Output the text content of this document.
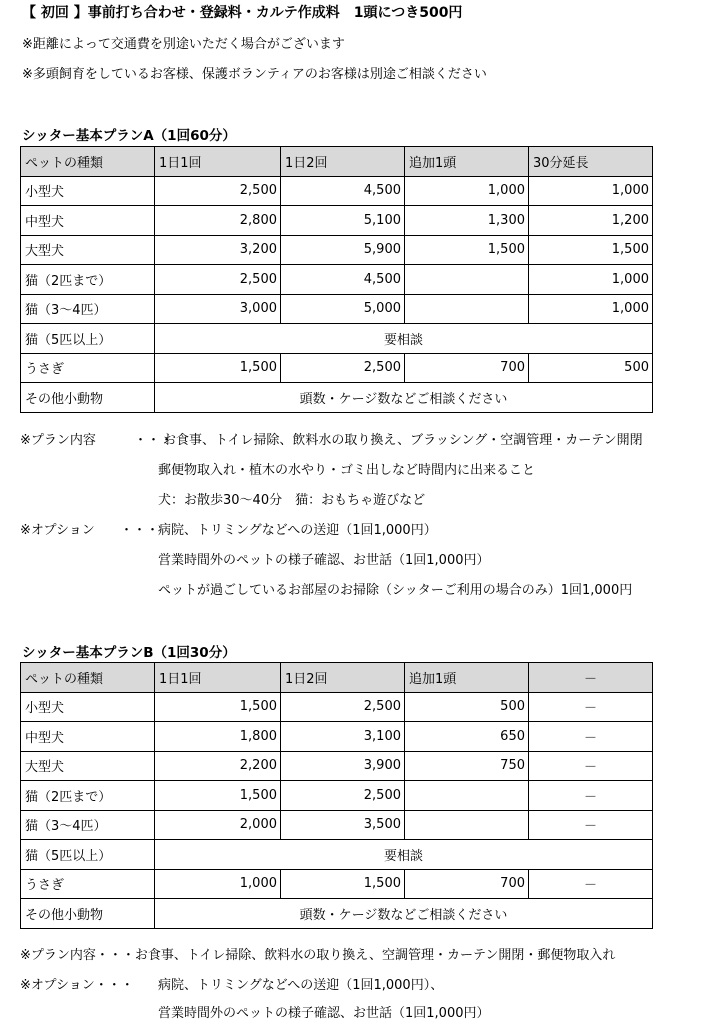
【 初回 】事前打ち合わせ・登録料・カルテ作成料　1頭につき500円
※距離によって交通費を別途いただく場合がございます
※多頭飼育をしているお客様、保護ボランティアのお客様は別途ご相談ください
シッター基本プランA（1回60分）
ペットの種類	1日1回	1日2回	追加1頭	30分延長
小型犬	2,500	4,500	1,000	1,000
中型犬	2,800	5,100	1,300	1,200
大型犬	3,200	5,900	1,500	1,500
猫（2匹まで）	2,500	4,500		1,000
猫（3～4匹）	3,000	5,000		1,000
猫（5匹以上）	要相談			
うさぎ	1,500	2,500	700	500
その他小動物	頭数・ケージ数などご相談ください			
※プラン内容	・・・
お食事、トイレ掃除、飲料水の取り換え、ブラッシング・空調管理・カーテン開閉
郵便物取入れ・植木の水やり・ゴミ出しなど時間内に出来ること
犬：お散歩30～40分　猫：おもちゃ遊びなど
※オプション ・・・
病院、トリミングなどへの送迎（1回1,000円）
営業時間外のペットの様子確認、お世話（1回1,000円）
ペットが過ごしているお部屋のお掃除（シッターご利用の場合のみ）1回1,000円
シッター基本プランB（1回30分）
ペットの種類	1日1回	1日2回	追加1頭	－
小型犬	1,500	2,500	500	－
中型犬	1,800	3,100	650	－
大型犬	2,200	3,900	750	－
猫（2匹まで）	1,500	2,500		－
猫（3～4匹）	2,000	3,500		－
猫（5匹以上）	要相談			
うさぎ	1,000	1,500	700	－
その他小動物	頭数・ケージ数などご相談ください			
※プラン内容・・・お食事、トイレ掃除、飲料水の取り換え、空調管理・カーテン開閉・郵便物取入れ
※オプション・・・ 病院、トリミングなどへの送迎（1回1,000円）、
営業時間外のペットの様子確認、お世話（1回1,000円）
